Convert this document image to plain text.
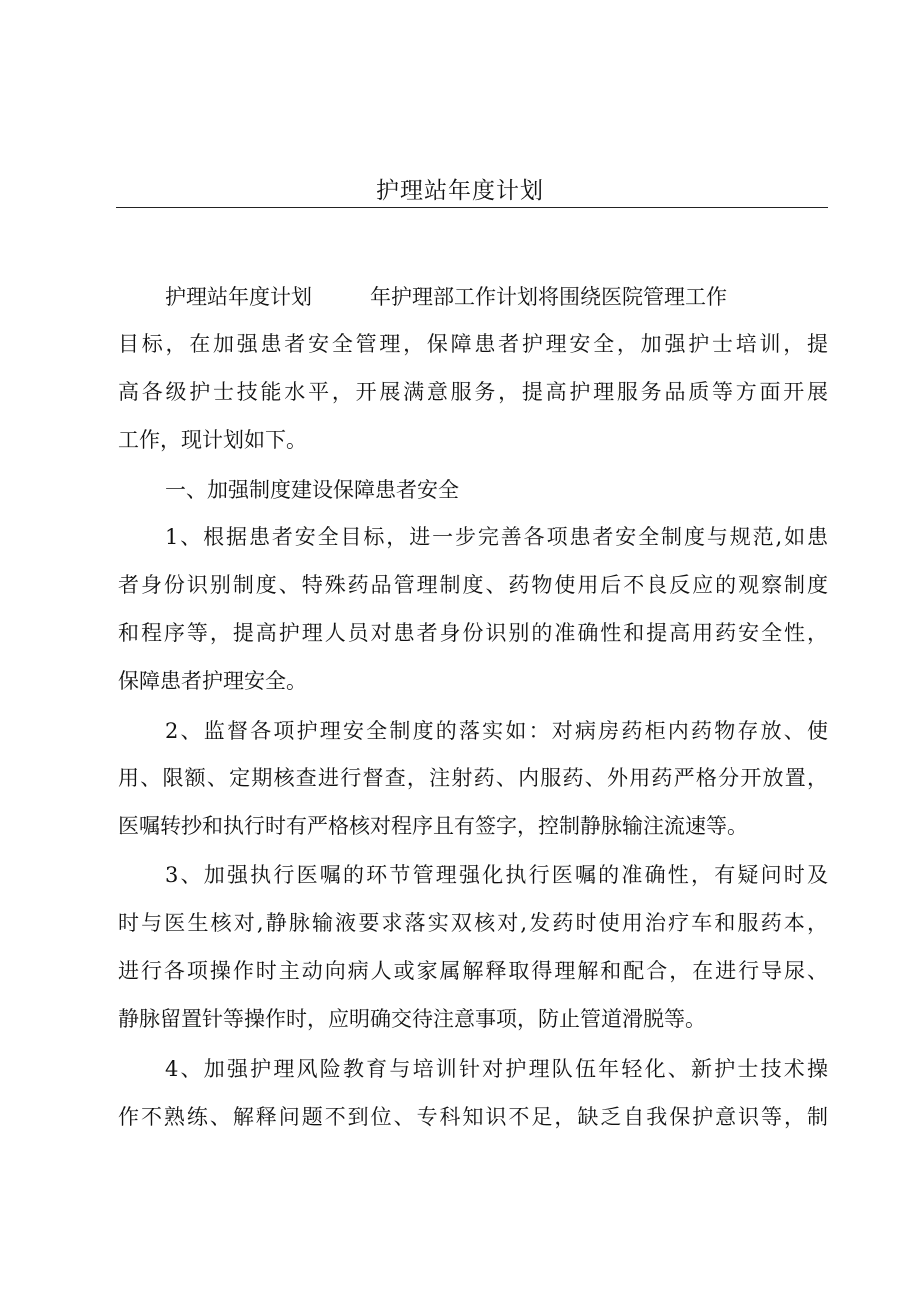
护理站年度计划
护理站年度计划	年护理部工作计划将围绕医院管理工作
目标，在加强患者安全管理，保障患者护理安全，加强护士培训，提
高各级护士技能水平，开展满意服务，提高护理服务品质等方面开展
工作，现计划如下。
一、加强制度建设保障患者安全
1、根据患者安全目标，进一步完善各项患者安全制度与规范,如患
者身份识别制度、特殊药品管理制度、药物使用后不良反应的观察制度
和程序等，提高护理人员对患者身份识别的准确性和提高用药安全性，
保障患者护理安全。
2、监督各项护理安全制度的落实如：对病房药柜内药物存放、使
用、限额、定期核查进行督查，注射药、内服药、外用药严格分开放置，
医嘱转抄和执行时有严格核对程序且有签字，控制静脉输注流速等。
3、加强执行医嘱的环节管理强化执行医嘱的准确性，有疑问时及
时与医生核对,静脉输液要求落实双核对,发药时使用治疗车和服药本，
进行各项操作时主动向病人或家属解释取得理解和配合，在进行导尿、
静脉留置针等操作时，应明确交待注意事项，防止管道滑脱等。
4、加强护理风险教育与培训针对护理队伍年轻化、新护士技术操
作不熟练、解释问题不到位、专科知识不足，缺乏自我保护意识等，制
